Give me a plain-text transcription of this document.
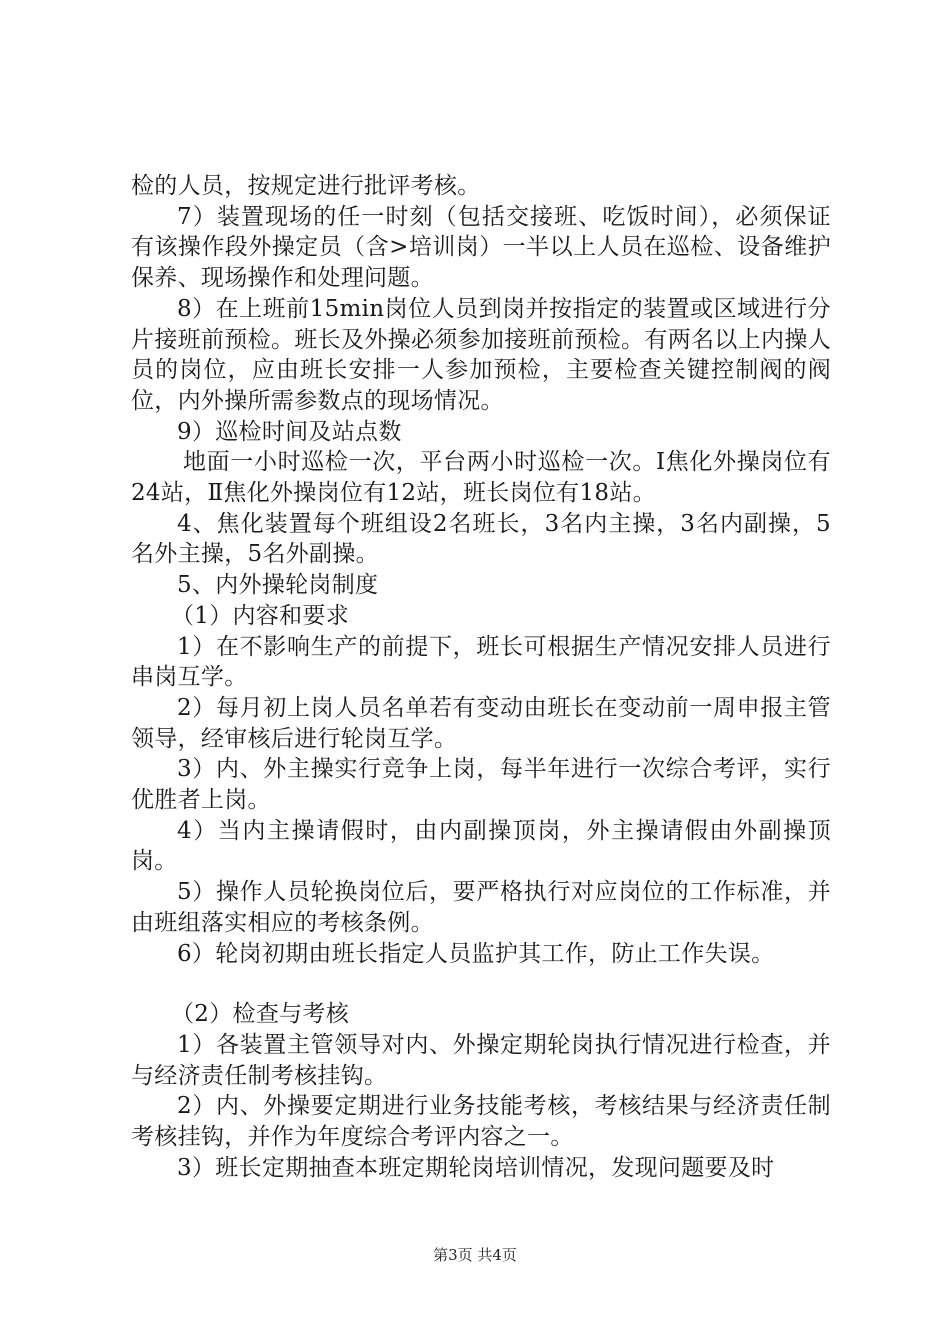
检的人员，按规定进行批评考核。

7）装置现场的任一时刻（包括交接班、吃饭时间），必须保证有该操作段外操定员（含>培训岗）一半以上人员在巡检、设备维护保养、现场操作和处理问题。

8）在上班前15min岗位人员到岗并按指定的装置或区域进行分片接班前预检。班长及外操必须参加接班前预检。有两名以上内操人员的岗位，应由班长安排一人参加预检，主要检查关键控制阀的阀位，内外操所需参数点的现场情况。

9）巡检时间及站点数

地面一小时巡检一次，平台两小时巡检一次。Ⅰ焦化外操岗位有24站，Ⅱ焦化外操岗位有12站，班长岗位有18站。

4、焦化装置每个班组设2名班长，3名内主操，3名内副操，5名外主操，5名外副操。

5、内外操轮岗制度

（1）内容和要求

1）在不影响生产的前提下，班长可根据生产情况安排人员进行串岗互学。

2）每月初上岗人员名单若有变动由班长在变动前一周申报主管领导，经审核后进行轮岗互学。

3）内、外主操实行竞争上岗，每半年进行一次综合考评，实行优胜者上岗。

4）当内主操请假时，由内副操顶岗，外主操请假由外副操顶岗。

5）操作人员轮换岗位后，要严格执行对应岗位的工作标准，并由班组落实相应的考核条例。

6）轮岗初期由班长指定人员监护其工作，防止工作失误。

（2）检查与考核

1）各装置主管领导对内、外操定期轮岗执行情况进行检查，并与经济责任制考核挂钩。

2）内、外操要定期进行业务技能考核，考核结果与经济责任制考核挂钩，并作为年度综合考评内容之一。

3）班长定期抽查本班定期轮岗培训情况，发现问题要及时

第3页 共4页
